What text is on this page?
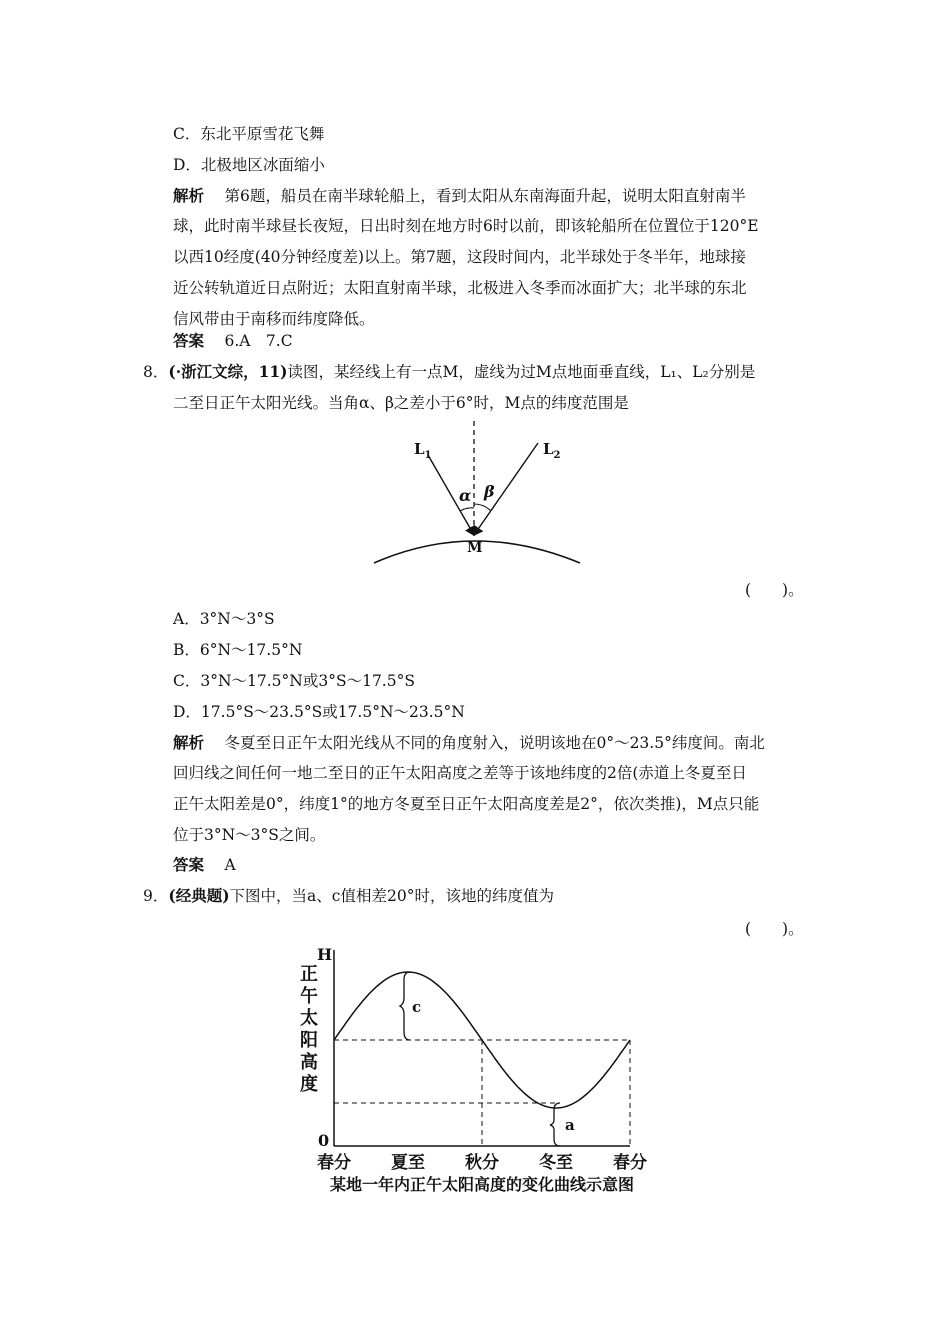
C．东北平原雪花飞舞
D．北极地区冰面缩小
解析　 第6题，船员在南半球轮船上，看到太阳从东南海面升起，说明太阳直射南半
球，此时南半球昼长夜短，日出时刻在地方时6时以前，即该轮船所在位置位于120°E
以西10经度(40分钟经度差)以上。第7题，这段时间内，北半球处于冬半年，地球接
近公转轨道近日点附近；太阳直射南半球，北极进入冬季而冰面扩大；北半球的东北
信风带由于南移而纬度降低。
答案　 6.A　7.C
8．(·浙江文综，11)读图，某经线上有一点M，虚线为过M点地面垂直线，L₁、L₂分别是
二至日正午太阳光线。当角α、β之差小于6°时，M点的纬度范围是
$L_1$	$L_2$
α β
M
(　　)。
A．3°N～3°S
B．6°N～17.5°N
C．3°N～17.5°N或3°S～17.5°S
D．17.5°S～23.5°S或17.5°N～23.5°N
解析　 冬夏至日正午太阳光线从不同的角度射入，说明该地在0°～23.5°纬度间。南北
回归线之间任何一地二至日的正午太阳高度之差等于该地纬度的2倍(赤道上冬夏至日
正午太阳差是0°，纬度1°的地方冬夏至日正午太阳高度差是2°，依次类推)，M点只能
位于3°N～3°S之间。
答案　 A
9．(经典题)下图中，当a、c值相差20°时，该地的纬度值为
(　　)。
H
正午太阳高度
0
c
a
春分 夏至 秋分 冬至 春分
某地一年内正午太阳高度的变化曲线示意图
